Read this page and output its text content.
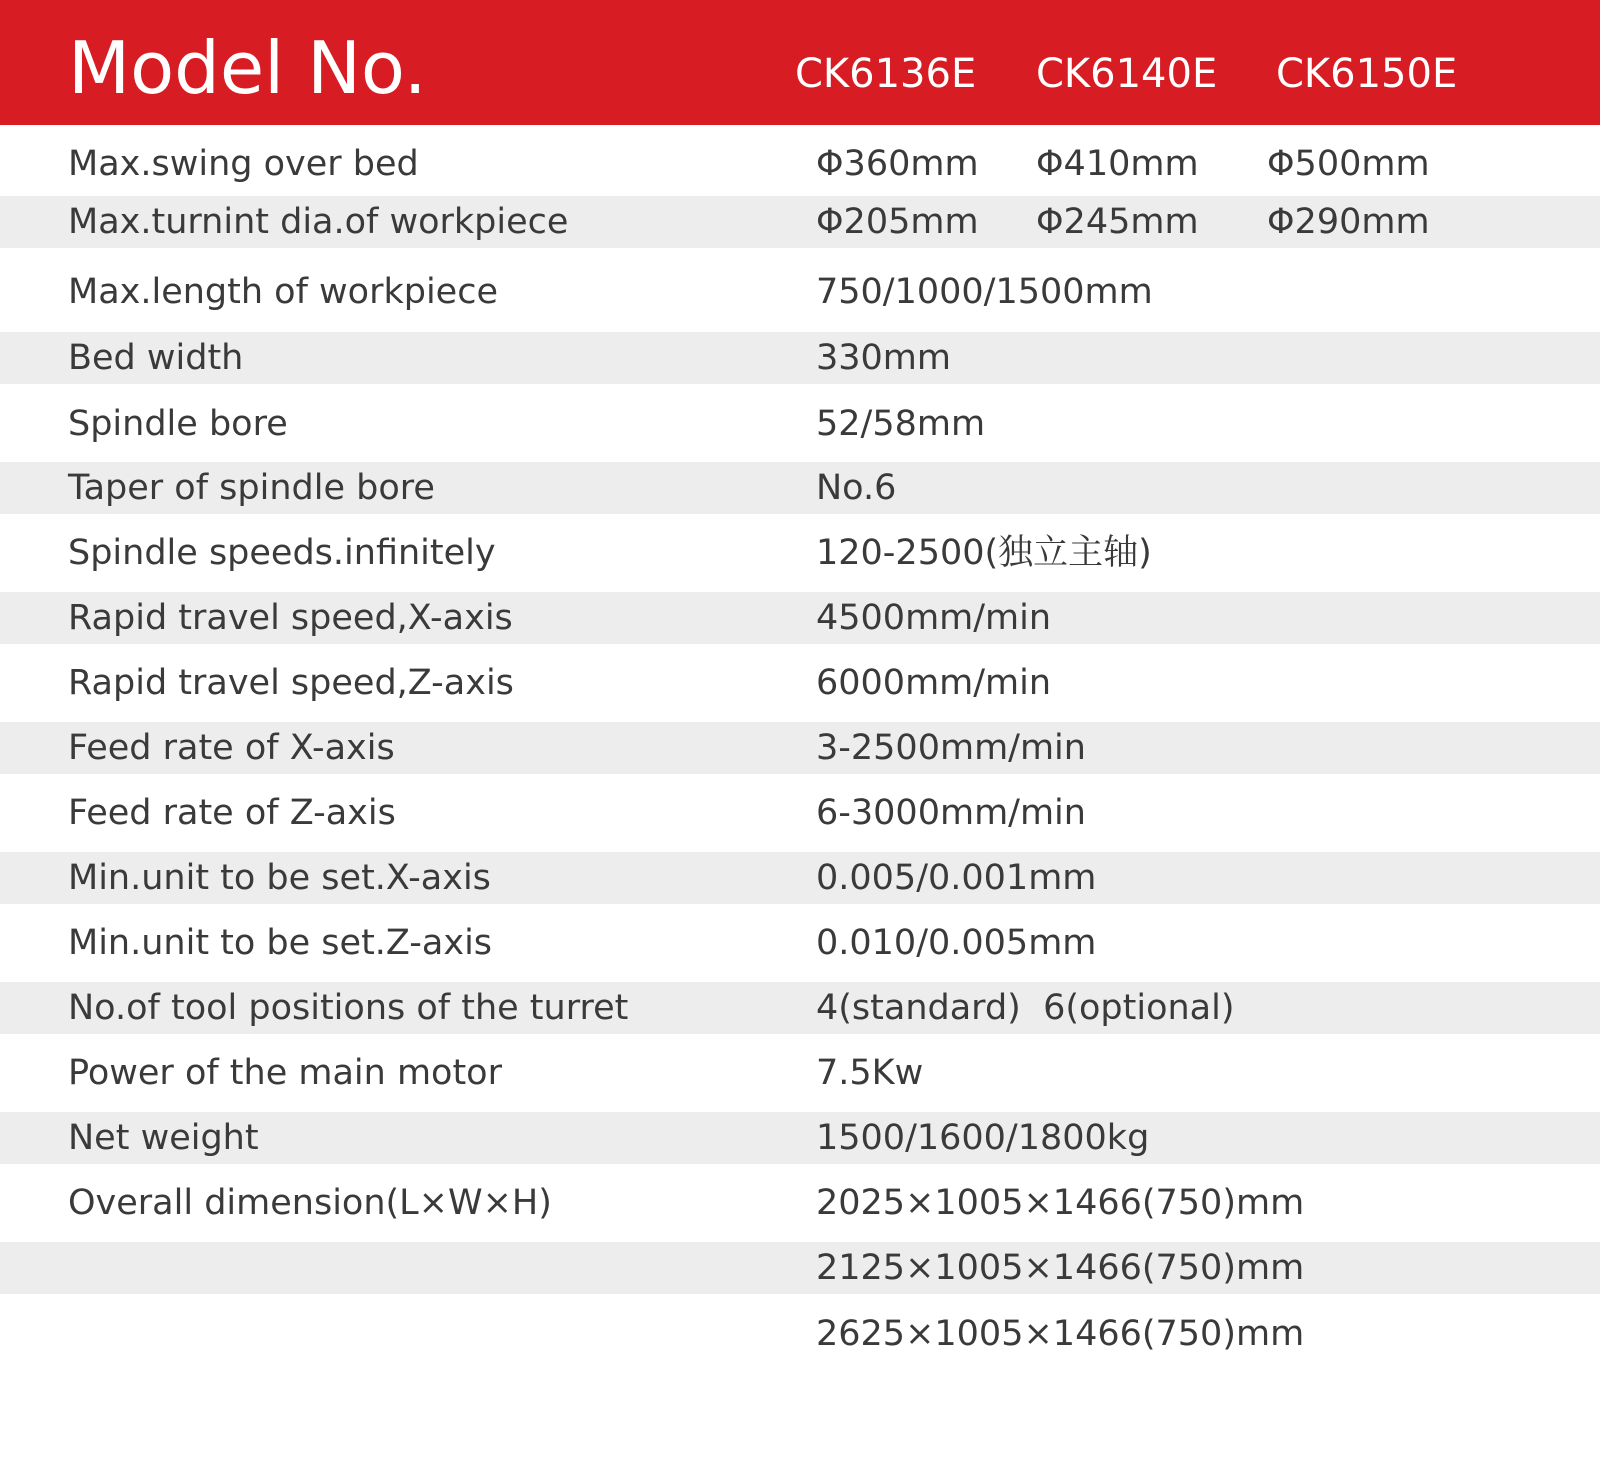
Model No.	CK6136E CK6140E CK6150E
Max.swing over bed	Φ360mm Φ410mm Φ500mm
Max.turnint dia.of workpiece	Φ205mm Φ245mm Φ290mm
Max.length of workpiece	750/1000/1500mm
Bed width	330mm
Spindle bore	52/58mm
Taper of spindle bore	No.6
Spindle speeds.infinitely	120-2500(独立主轴)
Rapid travel speed,X-axis	4500mm/min
Rapid travel speed,Z-axis	6000mm/min
Feed rate of X-axis	3-2500mm/min
Feed rate of Z-axis	6-3000mm/min
Min.unit to be set.X-axis	0.005/0.001mm
Min.unit to be set.Z-axis	0.010/0.005mm
No.of tool positions of the turret	4(standard)  6(optional)
Power of the main motor	7.5Kw
Net weight	1500/1600/1800kg
Overall dimension(L×W×H)	2025×1005×1466(750)mm
2125×1005×1466(750)mm
2625×1005×1466(750)mm
